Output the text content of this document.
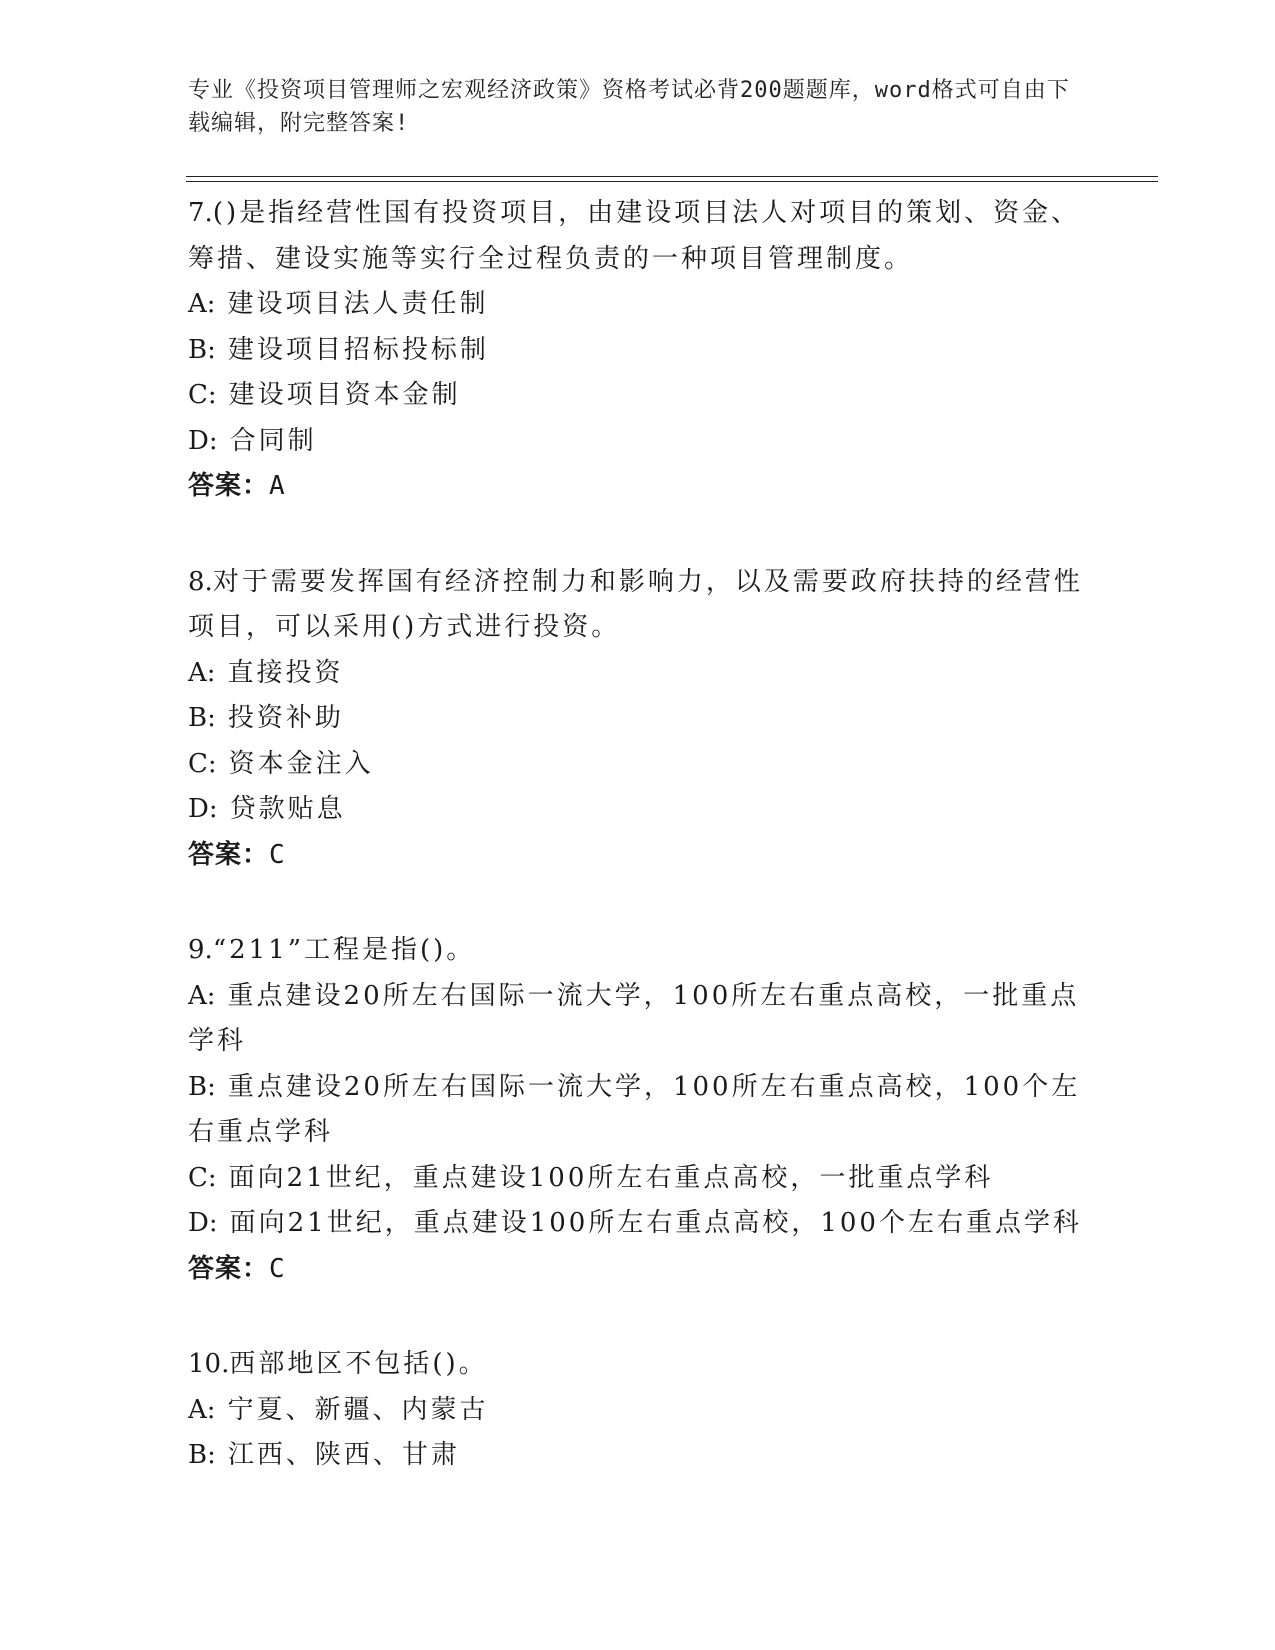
专业《投资项目管理师之宏观经济政策》资格考试必背200题题库，word格式可自由下载编辑，附完整答案!
7.()是指经营性国有投资项目，由建设项目法人对项目的策划、资金、筹措、建设实施等实行全过程负责的一种项目管理制度。
A: 建设项目法人责任制
B: 建设项目招标投标制
C: 建设项目资本金制
D: 合同制
答案：A
8.对于需要发挥国有经济控制力和影响力，以及需要政府扶持的经营性项目，可以采用()方式进行投资。
A: 直接投资
B: 投资补助
C: 资本金注入
D: 贷款贴息
答案：C
9.“211”工程是指()。
A: 重点建设20所左右国际一流大学，100所左右重点高校，一批重点学科
B: 重点建设20所左右国际一流大学，100所左右重点高校，100个左右重点学科
C: 面向21世纪，重点建设100所左右重点高校，一批重点学科
D: 面向21世纪，重点建设100所左右重点高校，100个左右重点学科
答案：C
10.西部地区不包括()。
A: 宁夏、新疆、内蒙古
B: 江西、陕西、甘肃
